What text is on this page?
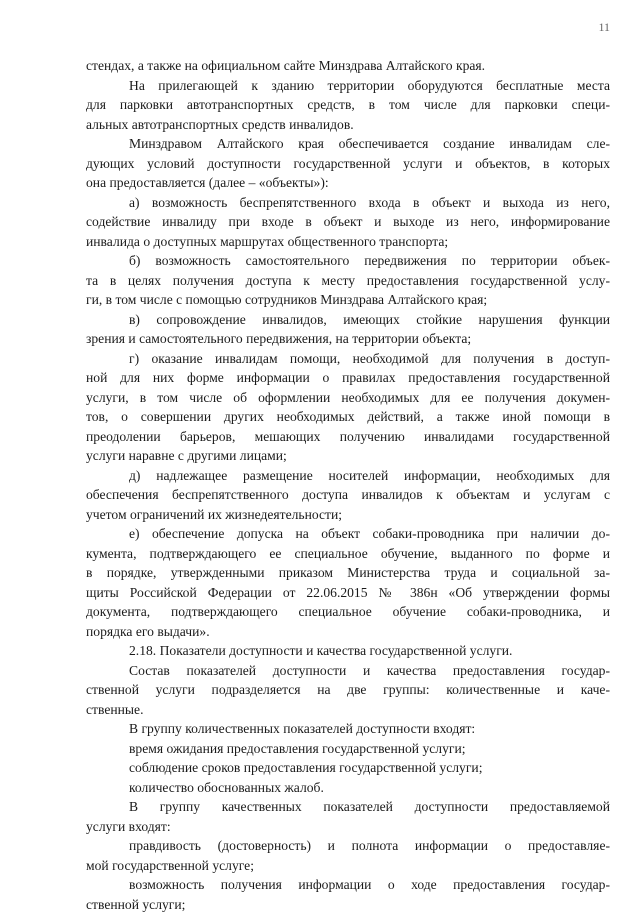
11
стендах, а также на официальном сайте Минздрава Алтайского края.
На прилегающей к зданию территории оборудуются бесплатные места
для парковки автотранспортных средств, в том числе для парковки специ-
альных автотранспортных средств инвалидов.
Минздравом Алтайского края обеспечивается создание инвалидам сле-
дующих условий доступности государственной услуги и объектов, в которых
она предоставляется (далее – «объекты»):
а) возможность беспрепятственного входа в объект и выхода из него,
содействие инвалиду при входе в объект и выходе из него, информирование
инвалида о доступных маршрутах общественного транспорта;
б) возможность самостоятельного передвижения по территории объек-
та в целях получения доступа к месту предоставления государственной услу-
ги, в том числе с помощью сотрудников Минздрава Алтайского края;
в) сопровождение инвалидов, имеющих стойкие нарушения функции
зрения и самостоятельного передвижения, на территории объекта;
г) оказание инвалидам помощи, необходимой для получения в доступ-
ной для них форме информации о правилах предоставления государственной
услуги, в том числе об оформлении необходимых для ее получения докумен-
тов, о совершении других необходимых действий, а также иной помощи в
преодолении барьеров, мешающих получению инвалидами государственной
услуги наравне с другими лицами;
д) надлежащее размещение носителей информации, необходимых для
обеспечения беспрепятственного доступа инвалидов к объектам и услугам с
учетом ограничений их жизнедеятельности;
е) обеспечение допуска на объект собаки-проводника при наличии до-
кумента, подтверждающего ее специальное обучение, выданного по форме и
в порядке, утвержденными приказом Министерства труда и социальной за-
щиты Российской Федерации от 22.06.2015 № 386н «Об утверждении формы
документа, подтверждающего специальное обучение собаки-проводника, и
порядка его выдачи».
2.18. Показатели доступности и качества государственной услуги.
Состав показателей доступности и качества предоставления государ-
ственной услуги подразделяется на две группы: количественные и каче-
ственные.
В группу количественных показателей доступности входят:
время ожидания предоставления государственной услуги;
соблюдение сроков предоставления государственной услуги;
количество обоснованных жалоб.
В группу качественных показателей доступности предоставляемой
услуги входят:
правдивость (достоверность) и полнота информации о предоставляе-
мой государственной услуге;
возможность получения информации о ходе предоставления государ-
ственной услуги;
